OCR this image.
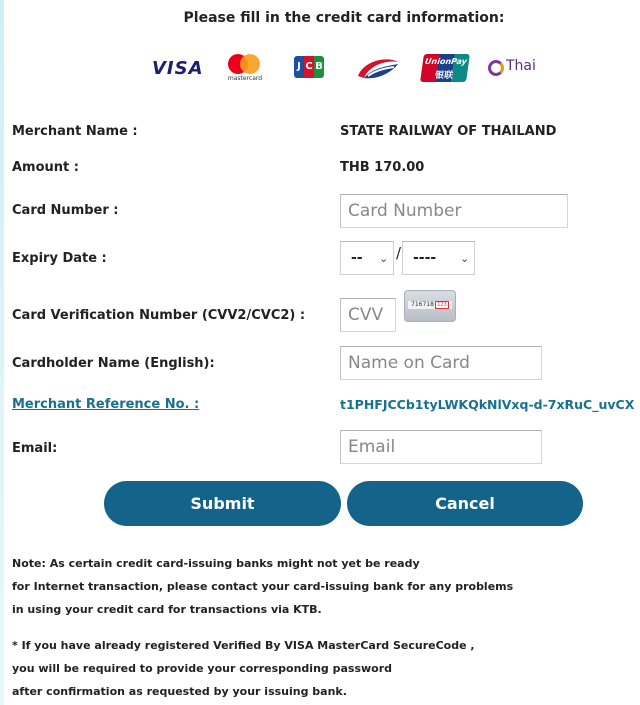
Please fill in the credit card information:
VISA	mastercard
J C B	UnionPay
银联
Thai
Merchant Name :	STATE RAILWAY OF THAILAND
Amount :	THB 170.00
Card Number :	Card Number
Expiry Date :	-- ⌄ / ---- ⌄
Card Verification Number (CVV2/CVC2) :	CVV
716718 123
Cardholder Name (English):	Name on Card
Merchant Reference No. :	t1PHFJCCb1tyLWKQkNlVxq-d-7xRuC_uvCX
Email:	Email
Submit	Cancel
Note: As certain credit card-issuing banks might not yet be ready
for Internet transaction, please contact your card-issuing bank for any problems
in using your credit card for transactions via KTB.
* If you have already registered Verified By VISA MasterCard SecureCode ,
you will be required to provide your corresponding password
after confirmation as requested by your issuing bank.
